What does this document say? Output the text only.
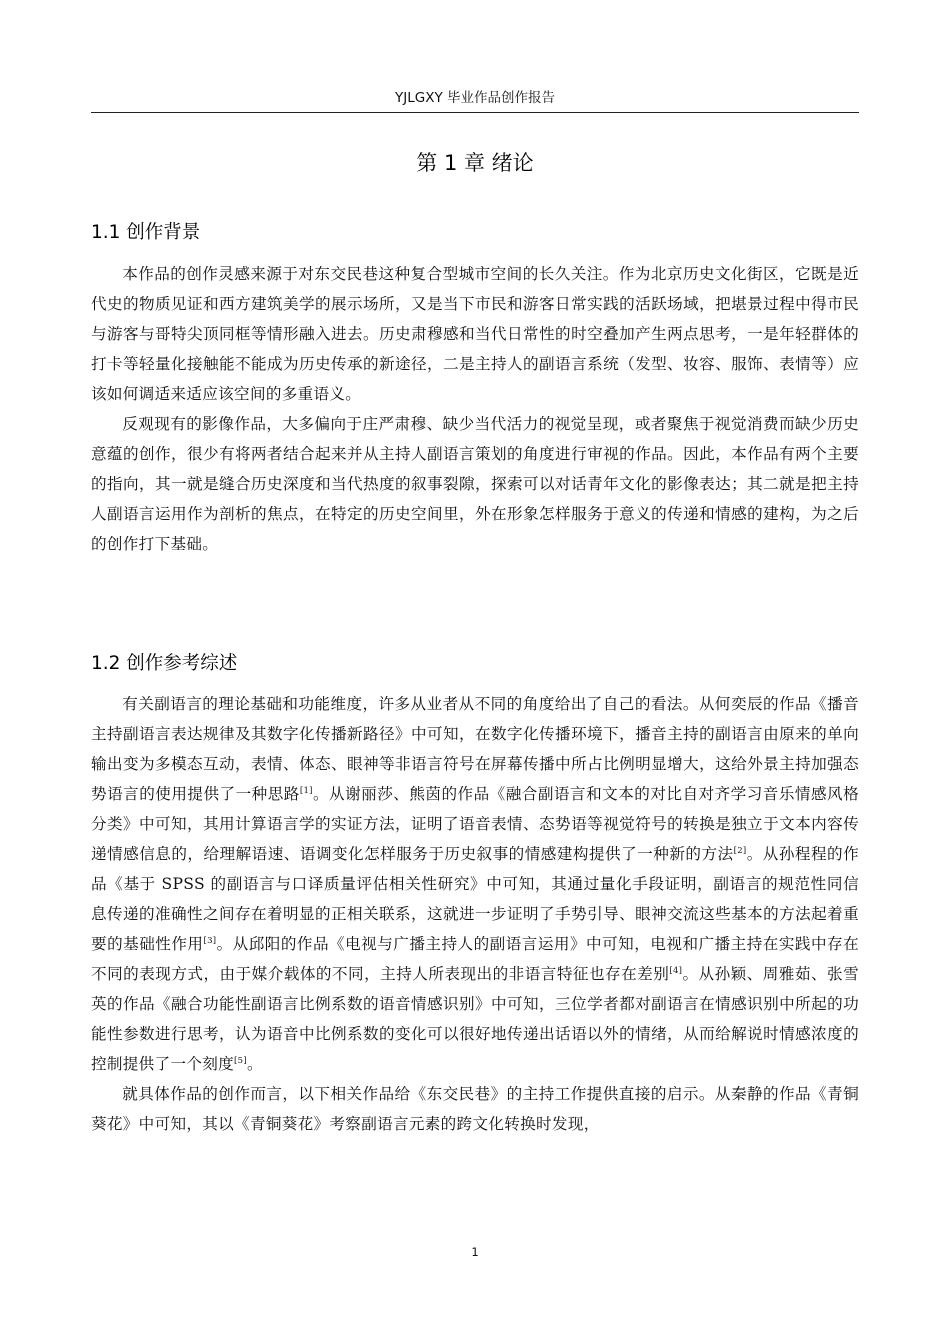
YJLGXY 毕业作品创作报告
第 1 章 绪论
1.1 创作背景

本作品的创作灵感来源于对东交民巷这种复合型城市空间的长久关注。作为北京历史文化街区，它既是近代史的物质见证和西方建筑美学的展示场所，又是当下市民和游客日常实践的活跃场域，把堪景过程中得市民与游客与哥特尖顶同框等情形融入进去。历史肃穆感和当代日常性的时空叠加产生两点思考，一是年轻群体的打卡等轻量化接触能不能成为历史传承的新途径，二是主持人的副语言系统（发型、妆容、服饰、表情等）应该如何调适来适应该空间的多重语义。

反观现有的影像作品，大多偏向于庄严肃穆、缺少当代活力的视觉呈现，或者聚焦于视觉消费而缺少历史意蕴的创作，很少有将两者结合起来并从主持人副语言策划的角度进行审视的作品。因此，本作品有两个主要的指向，其一就是缝合历史深度和当代热度的叙事裂隙，探索可以对话青年文化的影像表达；其二就是把主持人副语言运用作为剖析的焦点，在特定的历史空间里，外在形象怎样服务于意义的传递和情感的建构，为之后的创作打下基础。

1.2 创作参考综述

有关副语言的理论基础和功能维度，许多从业者从不同的角度给出了自己的看法。从何奕辰的作品《播音主持副语言表达规律及其数字化传播新路径》中可知，在数字化传播环境下，播音主持的副语言由原来的单向输出变为多模态互动，表情、体态、眼神等非语言符号在屏幕传播中所占比例明显增大，这给外景主持加强态势语言的使用提供了一种思路[1]。从谢丽莎、熊茵的作品《融合副语言和文本的对比自对齐学习音乐情感风格分类》中可知，其用计算语言学的实证方法，证明了语音表情、态势语等视觉符号的转换是独立于文本内容传递情感信息的，给理解语速、语调变化怎样服务于历史叙事的情感建构提供了一种新的方法[2]。从孙程程的作品《基于 SPSS 的副语言与口译质量评估相关性研究》中可知，其通过量化手段证明，副语言的规范性同信息传递的准确性之间存在着明显的正相关联系，这就进一步证明了手势引导、眼神交流这些基本的方法起着重要的基础性作用[3]。从邱阳的作品《电视与广播主持人的副语言运用》中可知，电视和广播主持在实践中存在不同的表现方式，由于媒介载体的不同，主持人所表现出的非语言特征也存在差别[4]。从孙颖、周雅茹、张雪英的作品《融合功能性副语言比例系数的语音情感识别》中可知，三位学者都对副语言在情感识别中所起的功能性参数进行思考，认为语音中比例系数的变化可以很好地传递出话语以外的情绪，从而给解说时情感浓度的控制提供了一个刻度[5]。

就具体作品的创作而言，以下相关作品给《东交民巷》的主持工作提供直接的启示。从秦静的作品《青铜葵花》中可知，其以《青铜葵花》考察副语言元素的跨文化转换时发现，

1
